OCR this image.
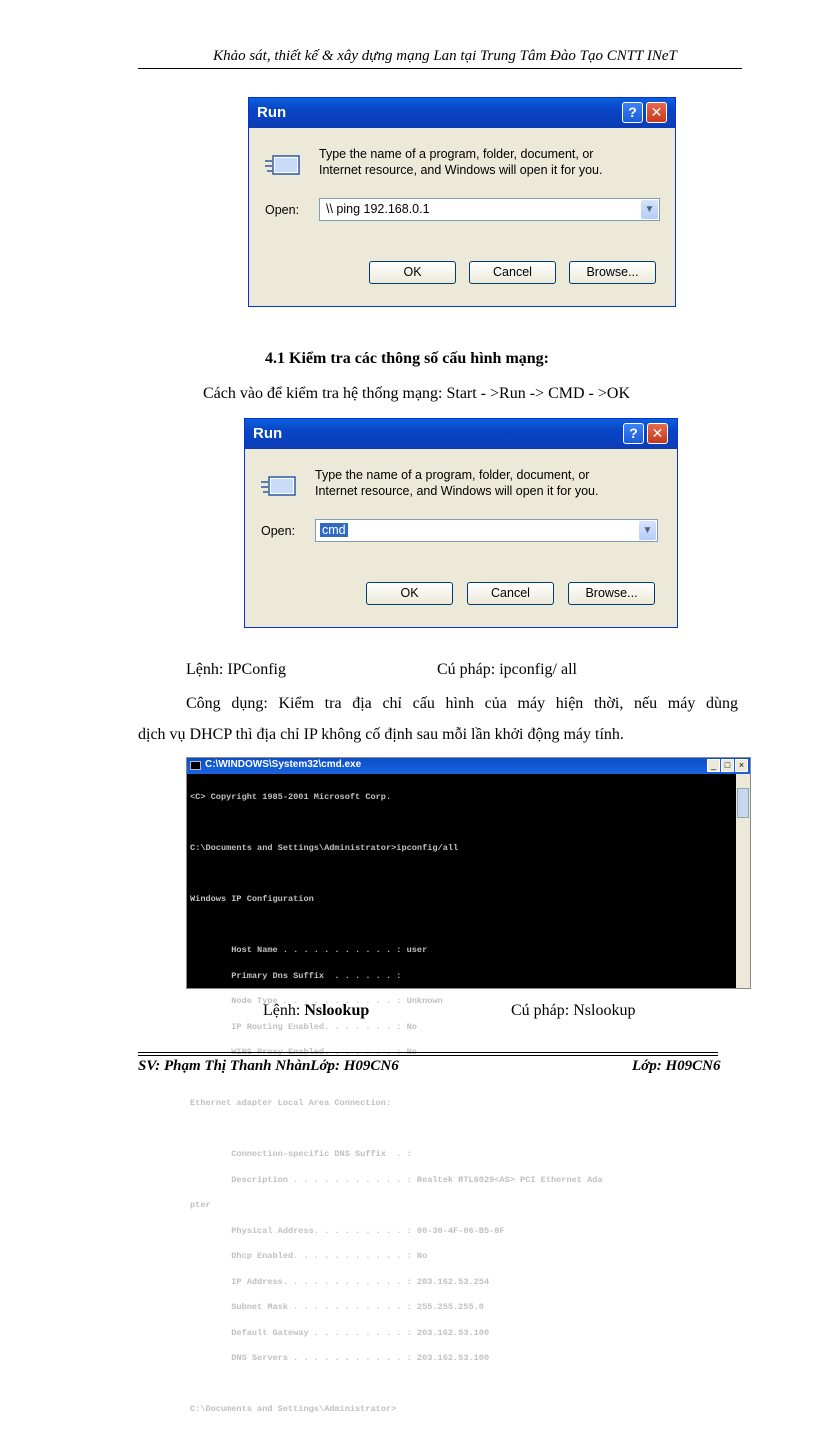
Khảo sát, thiết kế & xây dựng mạng Lan tại Trung Tâm Đào Tạo CNTT INeT
Run	? ✕
Type the name of a program, folder, document, or
Internet resource, and Windows will open it for you.
Open: \\ ping 192.168.0.1	▼
OK	Cancel	Browse...
4.1 Kiểm tra các thông số cấu hình mạng:
Cách vào để kiểm tra hệ thống mạng: Start - >Run -> CMD - >OK
Run	? ✕
Type the name of a program, folder, document, or
Internet resource, and Windows will open it for you.
Open: cmd	▼
OK	Cancel	Browse...
Lệnh: IPConfig	Cú pháp: ipconfig/ all
Công dụng: Kiểm tra địa chỉ cấu hình của máy hiện thời, nếu máy dùng
dịch vụ DHCP thì địa chỉ IP không cố định sau mỗi lần khởi động máy tính.
C:\WINDOWS\System32\cmd.exe	_ □ ×

<C> Copyright 1985-2001 Microsoft Corp.

C:\Documents and Settings\Administrator>ipconfig/all

Windows IP Configuration

Host Name . . . . . . . . . . . : user

Primary Dns Suffix  . . . . . . :

Node Type . . . . . . . . . . . : Unknown

IP Routing Enabled. . . . . . . : No

WINS Proxy Enabled. . . . . . . : No

Ethernet adapter Local Area Connection:

Connection-specific DNS Suffix  . :

Description . . . . . . . . . . . : Realtek RTL8029<AS> PCI Ethernet Ada

pter

Physical Address. . . . . . . . . : 00-30-4F-06-B5-8F

Dhcp Enabled. . . . . . . . . . . : No

IP Address. . . . . . . . . . . . : 203.162.53.254

Subnet Mask . . . . . . . . . . . : 255.255.255.0

Default Gateway . . . . . . . . . : 203.162.53.100

DNS Servers . . . . . . . . . . . : 203.162.53.100

C:\Documents and Settings\Administrator>

Lệnh: Nslookup	Cú pháp: Nslookup
SV: Phạm Thị Thanh NhànLớp: H09CN6	Lớp: H09CN6
